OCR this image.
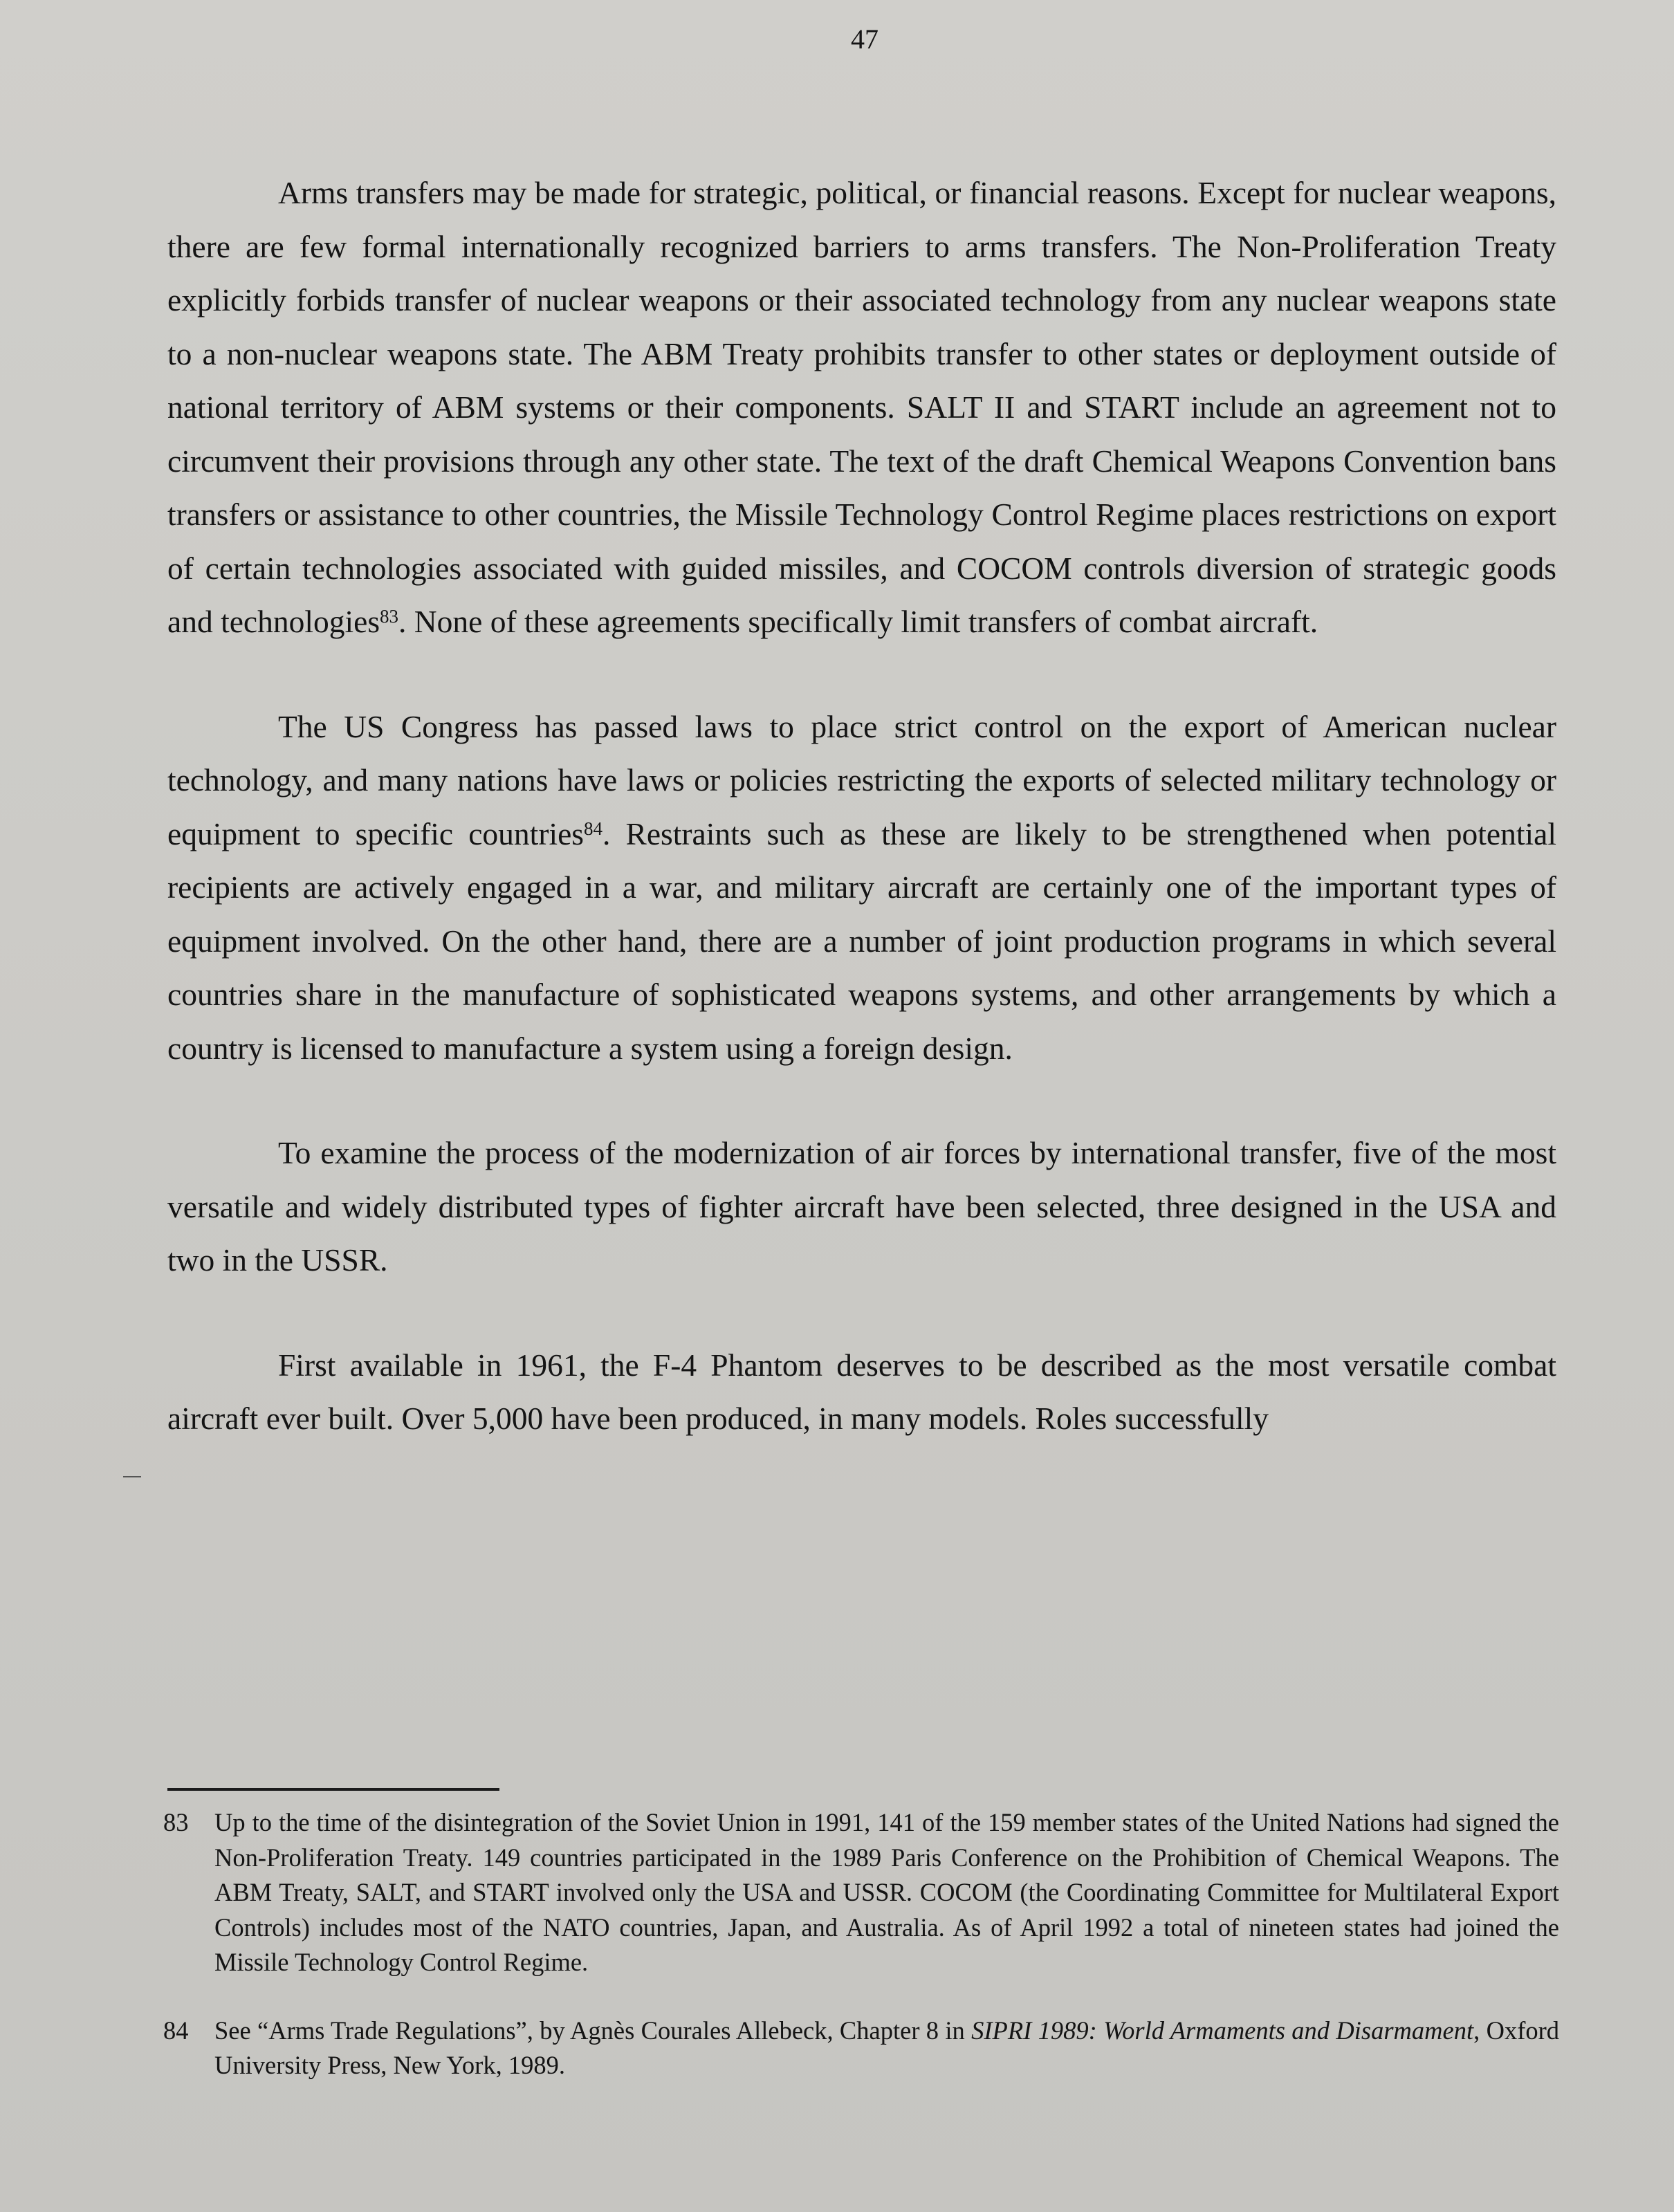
47

Arms transfers may be made for strategic, political, or financial reasons. Except for nuclear weapons, there are few formal internationally recognized barriers to arms transfers. The Non-Proliferation Treaty explicitly forbids transfer of nuclear weapons or their associated technology from any nuclear weapons state to a non-nuclear weapons state. The ABM Treaty prohibits transfer to other states or deployment outside of national territory of ABM systems or their components. SALT II and START include an agreement not to circumvent their provisions through any other state. The text of the draft Chemical Weapons Convention bans transfers or assistance to other countries, the Missile Technology Control Regime places restrictions on export of certain technologies associated with guided missiles, and COCOM controls diversion of strategic goods and technologies$^{83}$. None of these agreements specifically limit transfers of combat aircraft.

The US Congress has passed laws to place strict control on the export of American nuclear technology, and many nations have laws or policies restricting the exports of selected military technology or equipment to specific countries$^{84}$. Restraints such as these are likely to be strengthened when potential recipients are actively engaged in a war, and military aircraft are certainly one of the important types of equipment involved. On the other hand, there are a number of joint production programs in which several countries share in the manufacture of sophisticated weapons systems, and other arrangements by which a country is licensed to manufacture a system using a foreign design.

To examine the process of the modernization of air forces by international transfer, five of the most versatile and widely distributed types of fighter aircraft have been selected, three designed in the USA and two in the USSR.

First available in 1961, the F-4 Phantom deserves to be described as the most versatile combat aircraft ever built. Over 5,000 have been produced, in many models. Roles successfully

83	Up to the time of the disintegration of the Soviet Union in 1991, 141 of the 159 member states of the United Nations had signed the Non-Proliferation Treaty. 149 countries participated in the 1989 Paris Conference on the Prohibition of Chemical Weapons. The ABM Treaty, SALT, and START involved only the USA and USSR. COCOM (the Coordinating Committee for Multilateral Export Controls) includes most of the NATO countries, Japan, and Australia. As of April 1992 a total of nineteen states had joined the Missile Technology Control Regime.
84	See “Arms Trade Regulations”, by Agnès Courales Allebeck, Chapter 8 in SIPRI 1989: World Armaments and Disarmament, Oxford University Press, New York, 1989.
